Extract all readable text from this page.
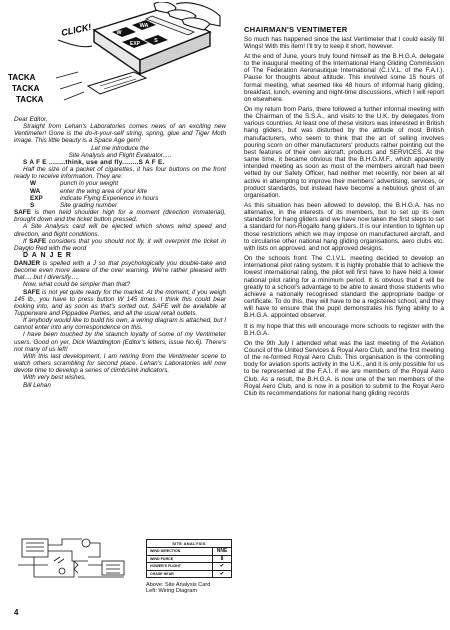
CLICK!	W
WA
S
EXP
TACKA
TACKA
TACKA

Dear Editor,

Straight from Lehan's Laboratories comes news of an exciting new Ventimeter! Gone is the do-it-your-self string, spring, glue and Tiger Moth image. This little beauty is a Space Age gem!

Let me introduce the

Site Analysis and Flight Evaluator.....

S A F E ........think, use and fly........S A F E.

Half the size of a packet of cigarettes, it has four buttons on the front ready to receive information. They are:

W	punch in your weight
WA	enter the wing area of your kite
EXP	indicate Flying Experience in hours
S	Site grading number

SAFE is then held shoulder high for a moment (direction immaterial), brought down and the ticket button pressed.

A Site Analysis card will be ejected which shows wind speed and direction, and flight conditions.

If SAFE considers that you should not fly, it will overprint the ticket in Dayglo Red with the word

D A N J E R

DANJER is spelled with a J so that psychologically you double-take and become even more aware of the over warning. We're rather pleased with that.... but I diversify.....

Now, what could be simpler than that?

SAFE is not yet quite ready for the market. At the moment, if you weigh 145 lb., you have to press button W 145 times. I think this could bear looking into, and as soon as that's sorted out, SAFE will be available at Tupperware and Pippadee Parties, and all the usual retail outlets.

If anybody would like to build his own, a wiring diagram is attached, but I cannot enter into any correspondence on this.

I have been touched by the staunch loyalty of some of my Ventimeter users. Good on yer, Dick Waddington (Editor's letters, issue No.6). There's not many of us left!

With this last development, I am retiring from the Ventimeter scene to watch others scrambling for second place. Lehan's Laboratories will now devote time to develop a series of climb/sink indicators.

With very best wishes,

Bill Lehan

SITE ANALYSIS
WIND DIRECTION	NNE
WIND FORCE	8
HOWER'S FLIGHT	✔
CHASE NEAR	✔
Above: Site Analysis Card
Left: Wiring Diagram
4
CHAIRMAN'S VENTIMETER

So much has happened since the last Ventimeter that I could easily fill Wings! With this item! I'll try to keep it short, however.

At the end of June, yours truly found himself as the B.H.G.A. delegate to the inaugural meeting of the International Hang Gliding Commission of The Federation Aeronautique International (C.I.V.L. of the F.A.I.). Pause for thoughts about altitude. This involved some 15 hours of formal meeting, what seemed like 48 hours of informal hang gliding, breakfast, lunch, evening and night-time discussions, which I will report on elsewhere.

On my return from Paris, there followed a further informal meeting with the Chairman of the S.S.A., and visits to the U.K. by delegates from various countries. At least one of these visitors was interested in British hang gliders, but was disturbed by the attitude of most British manufacturers, who seem to think that the art of selling involves pouring scorn on other manufacturers' products rather pointing out the best features of their own aircraft, products and SERVICES. At the same time, it became obvious that the B.H.G.M.F., which apparently intended meeting as soon as most of the members aircraft had been vetted by our Safety Officer, had neither met recently, nor been at all active in attempting to improve their members' advertising, services, or product standards, but instead have become a nebulous ghost of an organisation.

As this situation has been allowed to develop, the B.H.G.A. has no alternative, in the interests of its members, but to set up its own standards for hang gliders and we have now taken the first steps to set a standard for non-Rogallo hang gliders. It is our intention to tighten up those restrictions which we may impose on manufactured aircraft, and to circularise other national hang gliding organisations, aero clubs etc. with lists on approved, and not approved designs.

On the schools front: The C.I.V.L. meeting decided to develop an international pilot rating system. It is highly probable that to achieve the lowest international rating, the pilot will first have to have held a lower national pilot rating for a minimum period. It is obvious that it will be greatly to a school's advantage to be able to award those students who achieve a nationally recognised standard the appropriate badge or certificate. To do this, they will have to be a registered school, and they will have to ensure that the pupil demonstrates his flying ability to a B.H.G.A. appointed observer.

It is my hope that this will encourage more schools to register with the B.H.G.A.

On the 9th July I attended what was the last meeting of the Aviation Council of the United Services & Royal Aero Club, and the first meeting of the re-formed Royal Aero Club. This organisation is the controlling body for aviation sports activity in the U.K., and it is only possible for us to be represented at the F.A.I. if we are members of the Royal Aero Club. As a result, the B.H.G.A. is now one of the ten members of the Royal Aero Club, and is now in a position to submit to the Royal Aero Club its recommendations for national hang gliding records
